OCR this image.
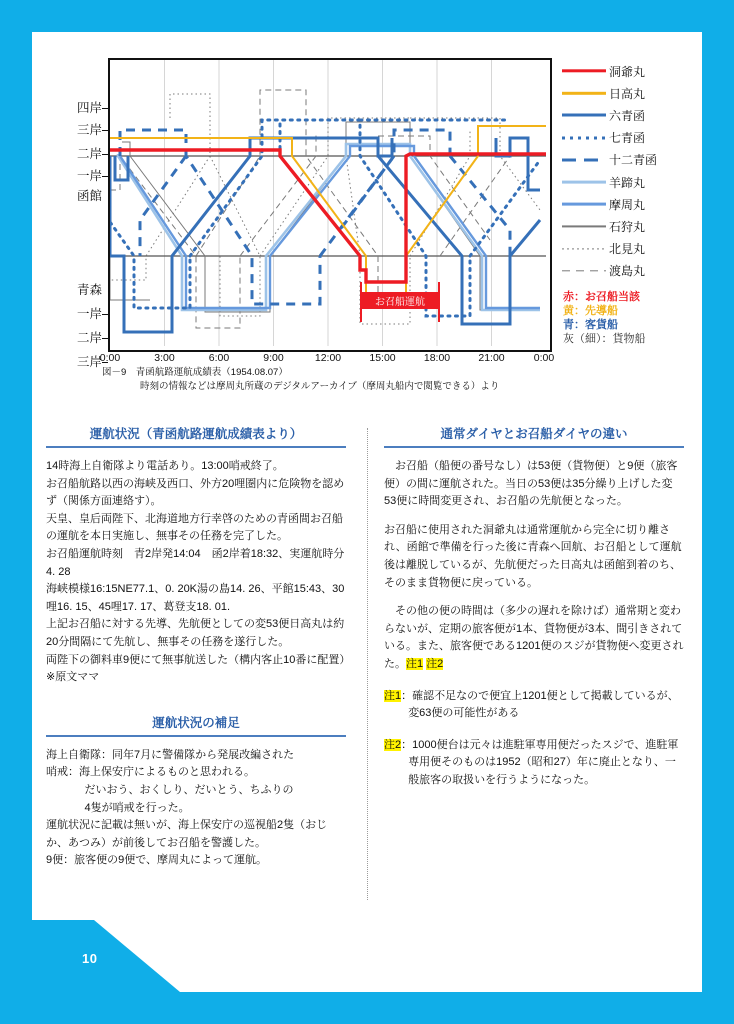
四岸
三岸
二岸
一岸
函館
青森
一岸
二岸
三岸
お召船運航
0:00	3:00	6:00	9:00	12:00	15:00	18:00	21:00	0:00
洞爺丸
日高丸
六青函
七青函
十二青函
羊蹄丸
摩周丸
石狩丸
北見丸
渡島丸
赤：お召船当該
黄：先導船
青：客貨船
灰（細）：貨物船
図－9　青函航路運航成績表（1954.08.07）
時刻の情報などは摩周丸所蔵のデジタルアーカイブ（摩周丸船内で閲覧できる）より
運航状況（青函航路運航成績表より）

14時海上自衛隊より電話あり。13:00哨戒終了。

お召船航路以西の海峡及西口、外方20哩圏内に危険物を認めず（関係方面連絡す）。

天皇、皇后両陛下、北海道地方行幸啓のための青函間お召船の運航を本日実施し、無事その任務を完了した。

お召船運航時刻　青2岸発14:04　函2岸着18:32、実運航時分4. 28

海峡模様16:15NE77.1、0. 20K湯の島14. 26、平館15:43、30哩16. 15、45哩17. 17、葛登支18. 01.

上記お召船に対する先導、先航便としての変53便日高丸は約20分間隔にて先航し、無事その任務を遂行した。

両陛下の御料車9便にて無事航送した（構内客止10番に配置）

※原文ママ

運航状況の補足

海上自衛隊：同年7月に警備隊から発展改編された

哨戒：海上保安庁によるものと思われる。

だいおう、おくしり、だいとう、ちふりの

4隻が哨戒を行った。

運航状況に記載は無いが、海上保安庁の巡視船2隻（おじか、あつみ）が前後してお召船を警護した。

9便：旅客便の9便で、摩周丸によって運航。

通常ダイヤとお召船ダイヤの違い

お召船（船便の番号なし）は53便（貨物便）と9便（旅客便）の間に運航された。当日の53便は35分繰り上げした変53便に時間変更され、お召船の先航便となった。

お召船に使用された洞爺丸は通常運航から完全に切り離され、函館で準備を行った後に青森へ回航、お召船として運航後は離脱しているが、先航便だった日高丸は函館到着のち、そのまま貨物便に戻っている。

その他の便の時間は（多少の遅れを除けば）通常期と変わらないが、定期の旅客便が1本、貨物便が3本、間引きされている。また、旅客便である1201便のスジが貨物便へ変更された。注1 注2

注1：確認不足なので便宜上1201便として掲載しているが、変63便の可能性がある

注2：1000便台は元々は進駐軍専用便だったスジで、進駐軍専用便そのものは1952（昭和27）年に廃止となり、一般旅客の取扱いを行うようになった。

10
